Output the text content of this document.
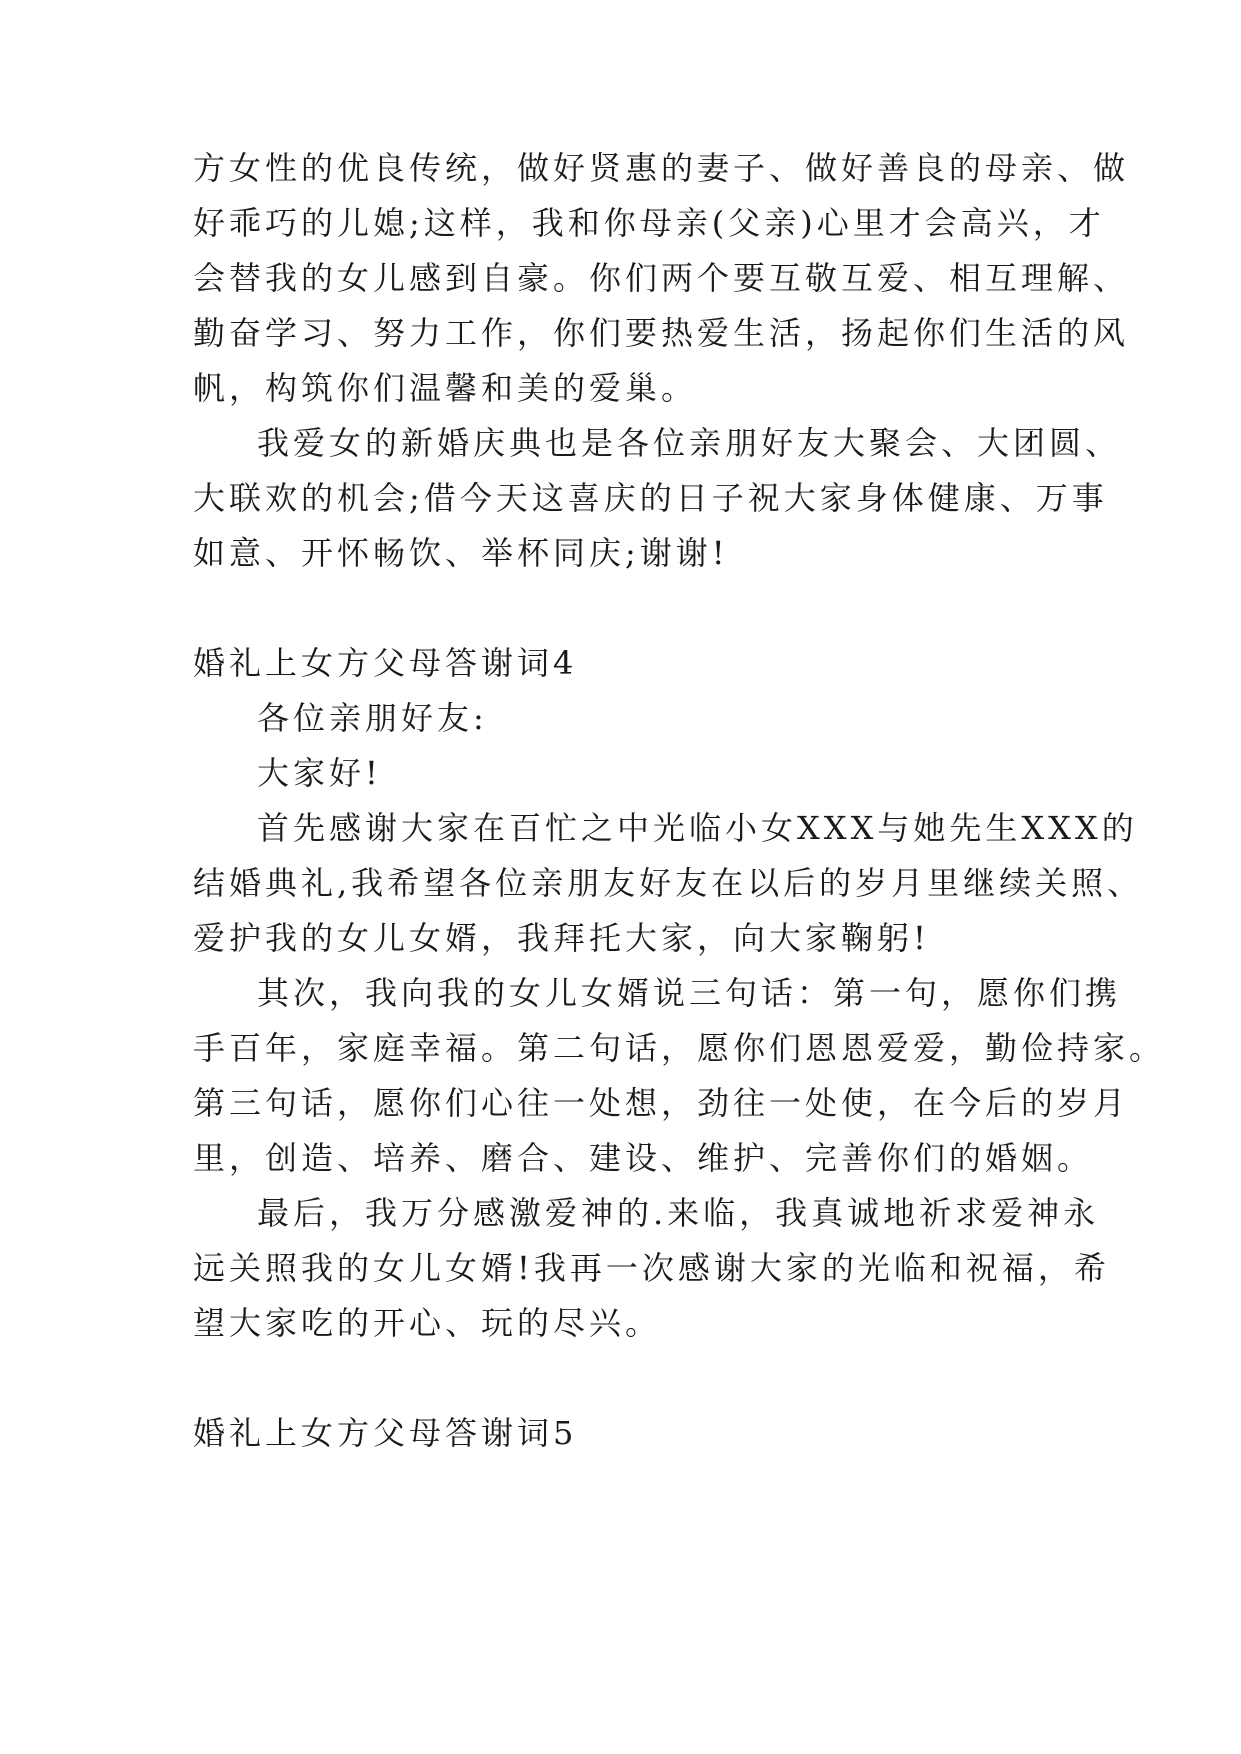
方女性的优良传统，做好贤惠的妻子、做好善良的母亲、做
好乖巧的儿媳;这样，我和你母亲(父亲)心里才会高兴，才
会替我的女儿感到自豪。你们两个要互敬互爱、相互理解、
勤奋学习、努力工作，你们要热爱生活，扬起你们生活的风
帆，构筑你们温馨和美的爱巢。
我爱女的新婚庆典也是各位亲朋好友大聚会、大团圆、
大联欢的机会;借今天这喜庆的日子祝大家身体健康、万事
如意、开怀畅饮、举杯同庆;谢谢!
婚礼上女方父母答谢词4
各位亲朋好友:
大家好!
首先感谢大家在百忙之中光临小女XXX与她先生XXX的
结婚典礼,我希望各位亲朋友好友在以后的岁月里继续关照、
爱护我的女儿女婿，我拜托大家，向大家鞠躬!
其次，我向我的女儿女婿说三句话：第一句，愿你们携
手百年，家庭幸福。第二句话，愿你们恩恩爱爱，勤俭持家。
第三句话，愿你们心往一处想，劲往一处使，在今后的岁月
里，创造、培养、磨合、建设、维护、完善你们的婚姻。
最后，我万分感激爱神的.来临，我真诚地祈求爱神永
远关照我的女儿女婿!我再一次感谢大家的光临和祝福，希
望大家吃的开心、玩的尽兴。
婚礼上女方父母答谢词5
